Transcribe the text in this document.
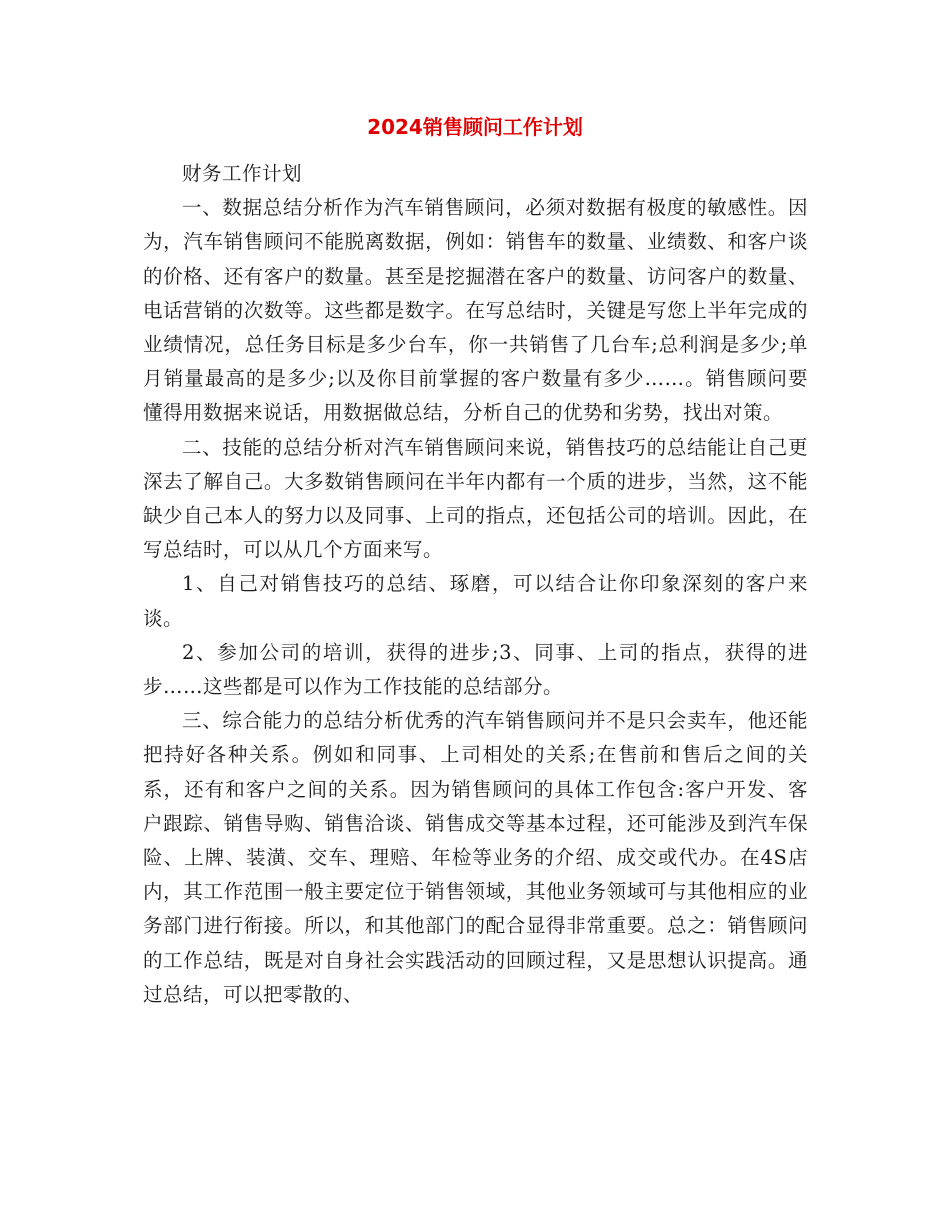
2024销售顾问工作计划

财务工作计划

一、数据总结分析作为汽车销售顾问，必须对数据有极度的敏感性。因为，汽车销售顾问不能脱离数据，例如：销售车的数量、业绩数、和客户谈的价格、还有客户的数量。甚至是挖掘潜在客户的数量、访问客户的数量、电话营销的次数等。这些都是数字。在写总结时，关键是写您上半年完成的业绩情况，总任务目标是多少台车，你一共销售了几台车;总利润是多少;单月销量最高的是多少;以及你目前掌握的客户数量有多少……。销售顾问要懂得用数据来说话，用数据做总结，分析自己的优势和劣势，找出对策。

二、技能的总结分析对汽车销售顾问来说，销售技巧的总结能让自己更深去了解自己。大多数销售顾问在半年内都有一个质的进步，当然，这不能缺少自己本人的努力以及同事、上司的指点，还包括公司的培训。因此，在写总结时，可以从几个方面来写。

1、自己对销售技巧的总结、琢磨，可以结合让你印象深刻的客户来谈。

2、参加公司的培训，获得的进步;3、同事、上司的指点，获得的进步……这些都是可以作为工作技能的总结部分。

三、综合能力的总结分析优秀的汽车销售顾问并不是只会卖车，他还能把持好各种关系。例如和同事、上司相处的关系;在售前和售后之间的关系，还有和客户之间的关系。因为销售顾问的具体工作包含:客户开发、客户跟踪、销售导购、销售洽谈、销售成交等基本过程，还可能涉及到汽车保险、上牌、装潢、交车、理赔、年检等业务的介绍、成交或代办。在4S店内，其工作范围一般主要定位于销售领域，其他业务领域可与其他相应的业务部门进行衔接。所以，和其他部门的配合显得非常重要。总之：销售顾问的工作总结，既是对自身社会实践活动的回顾过程，又是思想认识提高。通过总结，可以把零散的、
